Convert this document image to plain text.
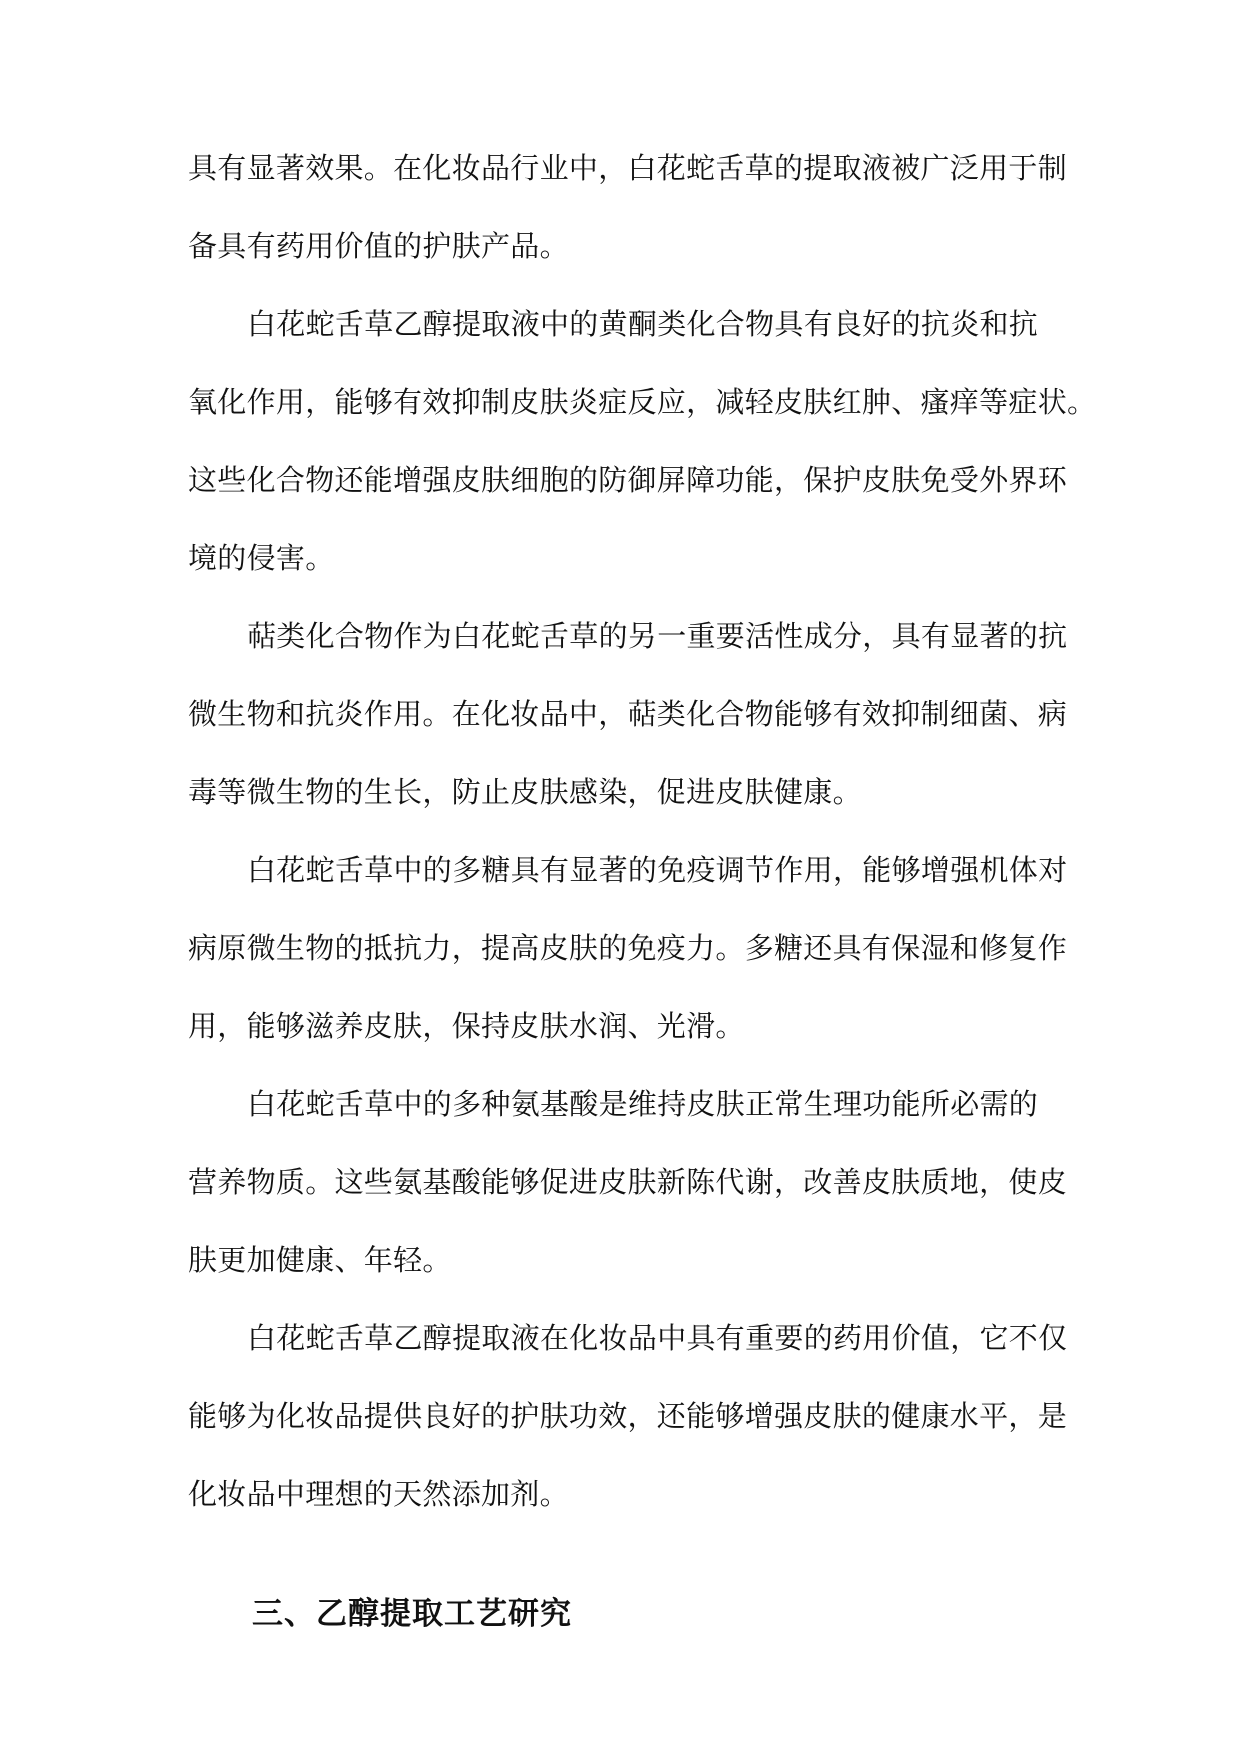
具有显著效果。在化妆品行业中，白花蛇舌草的提取液被广泛用于制
备具有药用价值的护肤产品。
白花蛇舌草乙醇提取液中的黄酮类化合物具有良好的抗炎和抗
氧化作用，能够有效抑制皮肤炎症反应，减轻皮肤红肿、瘙痒等症状。
这些化合物还能增强皮肤细胞的防御屏障功能，保护皮肤免受外界环
境的侵害。
萜类化合物作为白花蛇舌草的另一重要活性成分，具有显著的抗
微生物和抗炎作用。在化妆品中，萜类化合物能够有效抑制细菌、病
毒等微生物的生长，防止皮肤感染，促进皮肤健康。
白花蛇舌草中的多糖具有显著的免疫调节作用，能够增强机体对
病原微生物的抵抗力，提高皮肤的免疫力。多糖还具有保湿和修复作
用，能够滋养皮肤，保持皮肤水润、光滑。
白花蛇舌草中的多种氨基酸是维持皮肤正常生理功能所必需的
营养物质。这些氨基酸能够促进皮肤新陈代谢，改善皮肤质地，使皮
肤更加健康、年轻。
白花蛇舌草乙醇提取液在化妆品中具有重要的药用价值，它不仅
能够为化妆品提供良好的护肤功效，还能够增强皮肤的健康水平，是
化妆品中理想的天然添加剂。
三、乙醇提取工艺研究
